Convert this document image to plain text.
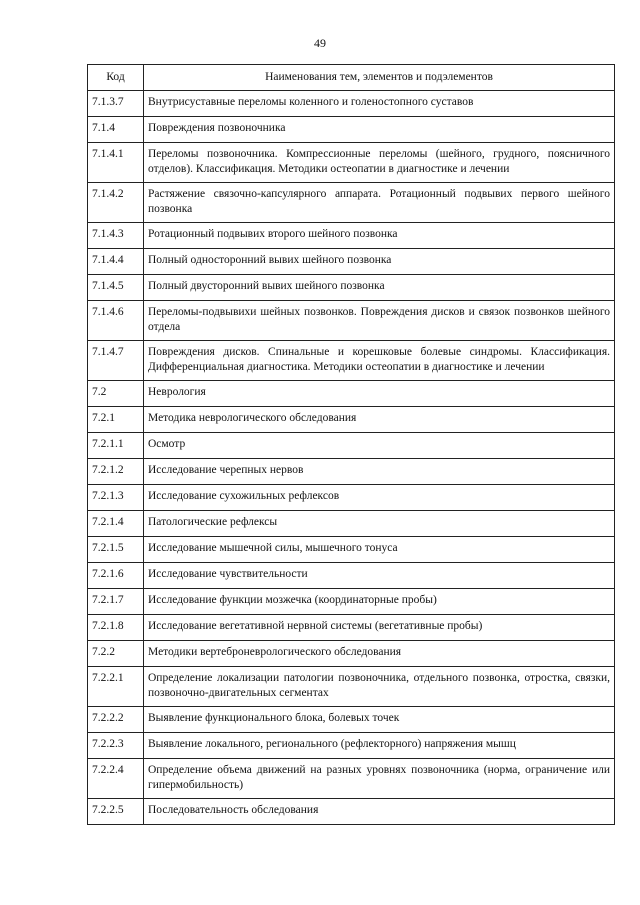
49
Код	Наименования тем, элементов и подэлементов
7.1.3.7	Внутрисуставные переломы коленного и голеностопного суставов
7.1.4	Повреждения позвоночника
7.1.4.1	Переломы позвоночника. Компрессионные переломы (шейного, грудного, поясничного отделов). Классификация. Методики остеопатии в диагностике и лечении
7.1.4.2	Растяжение связочно-капсулярного аппарата. Ротационный подвывих первого шейного позвонка
7.1.4.3	Ротационный подвывих второго шейного позвонка
7.1.4.4	Полный односторонний вывих шейного позвонка
7.1.4.5	Полный двусторонний вывих шейного позвонка
7.1.4.6	Переломы-подвывихи шейных позвонков. Повреждения дисков и связок позвонков шейного отдела
7.1.4.7	Повреждения дисков. Спинальные и корешковые болевые синдромы. Классификация. Дифференциальная диагностика. Методики остеопатии в диагностике и лечении
7.2	Неврология
7.2.1	Методика неврологического обследования
7.2.1.1	Осмотр
7.2.1.2	Исследование черепных нервов
7.2.1.3	Исследование сухожильных рефлексов
7.2.1.4	Патологические рефлексы
7.2.1.5	Исследование мышечной силы, мышечного тонуса
7.2.1.6	Исследование чувствительности
7.2.1.7	Исследование функции мозжечка (координаторные пробы)
7.2.1.8	Исследование вегетативной нервной системы (вегетативные пробы)
7.2.2	Методики вертеброневрологического обследования
7.2.2.1	Определение локализации патологии позвоночника, отдельного позвонка, отростка, связки, позвоночно-двигательных сегментах
7.2.2.2	Выявление функционального блока, болевых точек
7.2.2.3	Выявление локального, регионального (рефлекторного) напряжения мышц
7.2.2.4	Определение объема движений на разных уровнях позвоночника (норма, ограничение или гипермобильность)
7.2.2.5	Последовательность обследования
